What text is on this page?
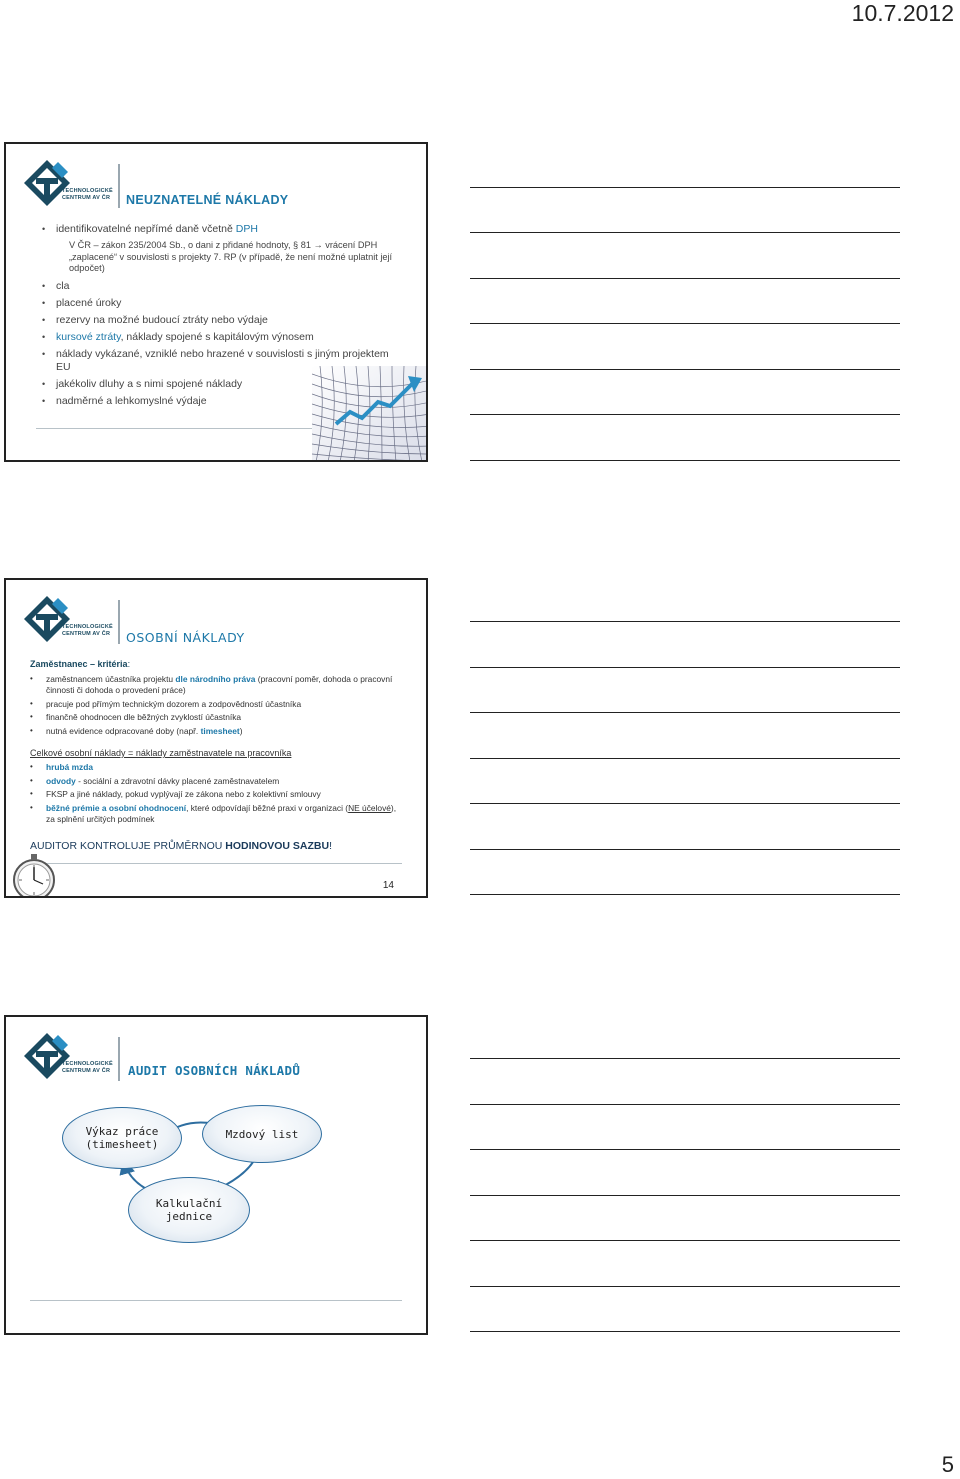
10.7.2012
5
TECHNOLOGICKÉ
CENTRUM AV ČR NEUZNATELNÉ NÁKLADY
• identifikovatelné nepřímé daně včetně DPH
V ČR – zákon 235/2004 Sb., o dani z přidané hodnoty, § 81 → vrácení DPH „zaplacené“ v souvislosti s projekty 7. RP (v případě, že není možné uplatnit její odpočet)
• cla
• placené úroky
• rezervy na možné budoucí ztráty nebo výdaje
• kursové ztráty, náklady spojené s kapitálovým výnosem
• náklady vykázané, vzniklé nebo hrazené v souvislosti s jiným projektem EU
• jakékoliv dluhy a s nimi spojené náklady
• nadměrné a lehkomyslné výdaje
TECHNOLOGICKÉ
CENTRUM AV ČR OSOBNÍ NÁKLADY
Zaměstnanec – kritéria:
• zaměstnancem účastníka projektu dle národního práva (pracovní poměr, dohoda o pracovní činnosti či dohoda o provedení práce)
• pracuje pod přímým technickým dozorem a zodpovědností účastníka
• finančně ohodnocen dle běžných zvyklostí účastníka
• nutná evidence odpracované doby (např. timesheet)
Celkové osobní náklady = náklady zaměstnavatele na pracovníka
• hrubá mzda
• odvody - sociální a zdravotní dávky placené zaměstnavatelem
• FKSP a jiné náklady, pokud vyplývají ze zákona nebo z kolektivní smlouvy
• běžné prémie a osobní ohodnocení, které odpovídají běžné praxi v organizaci (NE účelové), za splnění určitých podmínek
AUDITOR KONTROLUJE PRŮMĚRNOU HODINOVOU SAZBU!
14
TECHNOLOGICKÉ
CENTRUM AV ČR AUDIT OSOBNÍCH NÁKLADŮ
Výkaz práce
(timesheet)
Mzdový list
Kalkulační
jednice
